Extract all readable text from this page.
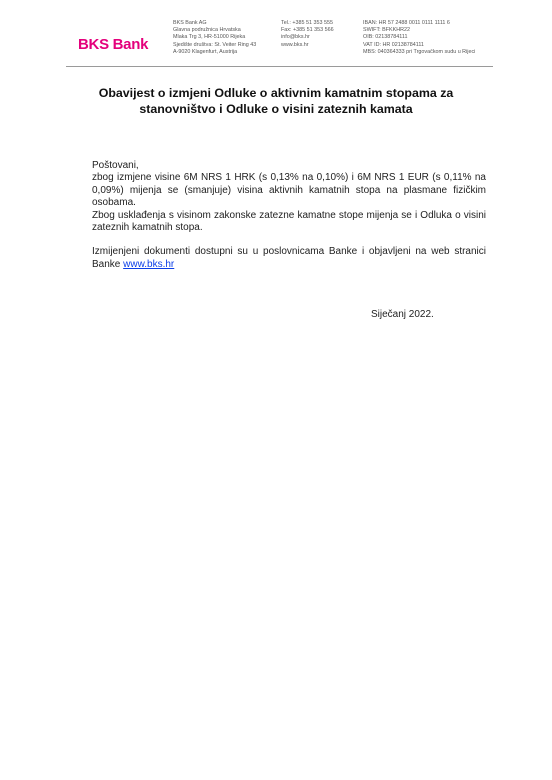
BKS Bank
BKS Bank AG
Glavna podružnica Hrvatska
Mlaka Trg 3, HR-51000 Rijeka
Sjedište društva: St. Veiter Ring 43
A-9020 Klagenfurt, Austrija
Tel.: +385 51 353 555
Fax: +385 51 353 566
info@bks.hr
www.bks.hr
IBAN: HR 57 2488 0011 0111 1111 6
SWIFT: BFKKHR22
OIB: 02138784111
VAT ID: HR 02138784111
MBS: 040364333 pri Trgovačkom sudu u Rijeci
Obavijest o izmjeni Odluke o aktivnim kamatnim stopama za stanovništvo i Odluke o visini zateznih kamata

Poštovani,

zbog izmjene visine 6M NRS 1 HRK (s 0,13% na 0,10%) i 6M NRS 1 EUR (s 0,11% na 0,09%) mijenja se (smanjuje) visina aktivnih kamatnih stopa na plasmane fizičkim osobama.

Zbog usklađenja s visinom zakonske zatezne kamatne stope mijenja se i Odluka o visini zateznih kamatnih stopa.

Izmijenjeni dokumenti dostupni su u poslovnicama Banke i objavljeni na web stranici Banke www.bks.hr

Siječanj 2022.
